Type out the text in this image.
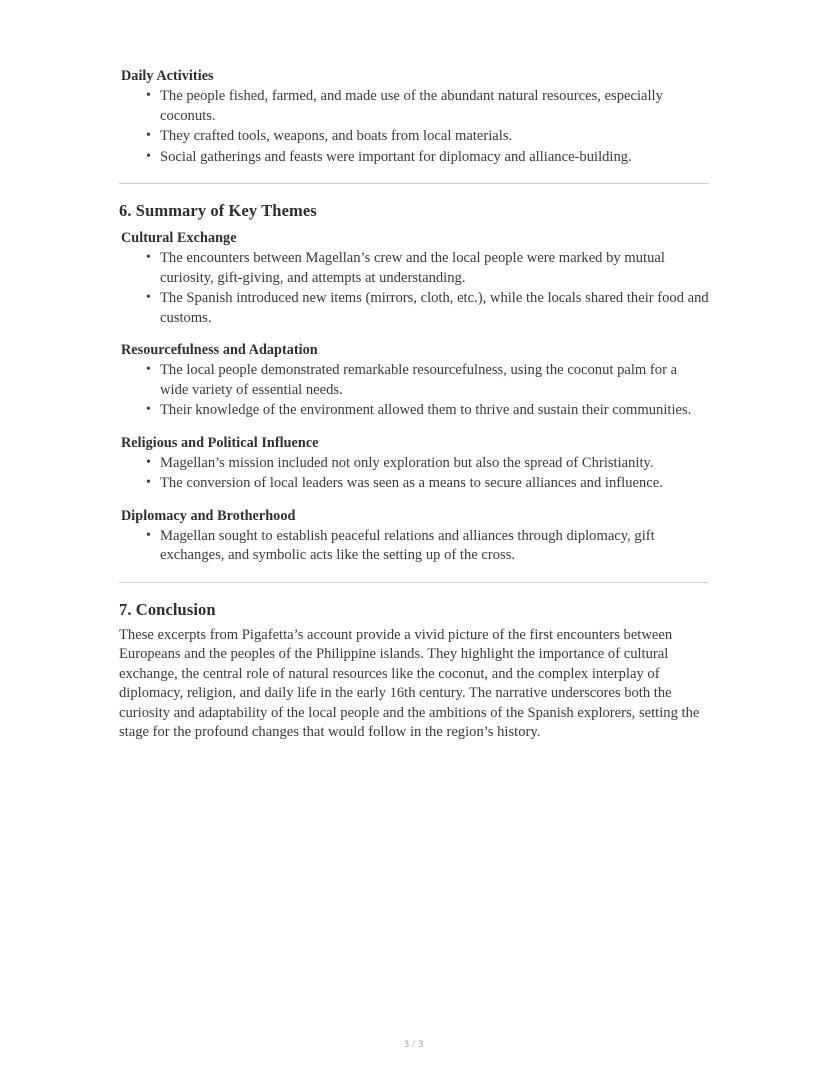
Daily Activities
• The people fished, farmed, and made use of the abundant natural resources, especially coconuts.
• They crafted tools, weapons, and boats from local materials.
• Social gatherings and feasts were important for diplomacy and alliance-building.
6. Summary of Key Themes
Cultural Exchange
• The encounters between Magellan’s crew and the local people were marked by mutual curiosity, gift-giving, and attempts at understanding.
• The Spanish introduced new items (mirrors, cloth, etc.), while the locals shared their food and customs.
Resourcefulness and Adaptation
• The local people demonstrated remarkable resourcefulness, using the coconut palm for a wide variety of essential needs.
• Their knowledge of the environment allowed them to thrive and sustain their communities.
Religious and Political Influence
• Magellan’s mission included not only exploration but also the spread of Christianity.
• The conversion of local leaders was seen as a means to secure alliances and influence.
Diplomacy and Brotherhood
• Magellan sought to establish peaceful relations and alliances through diplomacy, gift exchanges, and symbolic acts like the setting up of the cross.
7. Conclusion

These excerpts from Pigafetta’s account provide a vivid picture of the first encounters between Europeans and the peoples of the Philippine islands. They highlight the importance of cultural exchange, the central role of natural resources like the coconut, and the complex interplay of diplomacy, religion, and daily life in the early 16th century. The narrative underscores both the curiosity and adaptability of the local people and the ambitions of the Spanish explorers, setting the stage for the profound changes that would follow in the region’s history.

3 / 3
